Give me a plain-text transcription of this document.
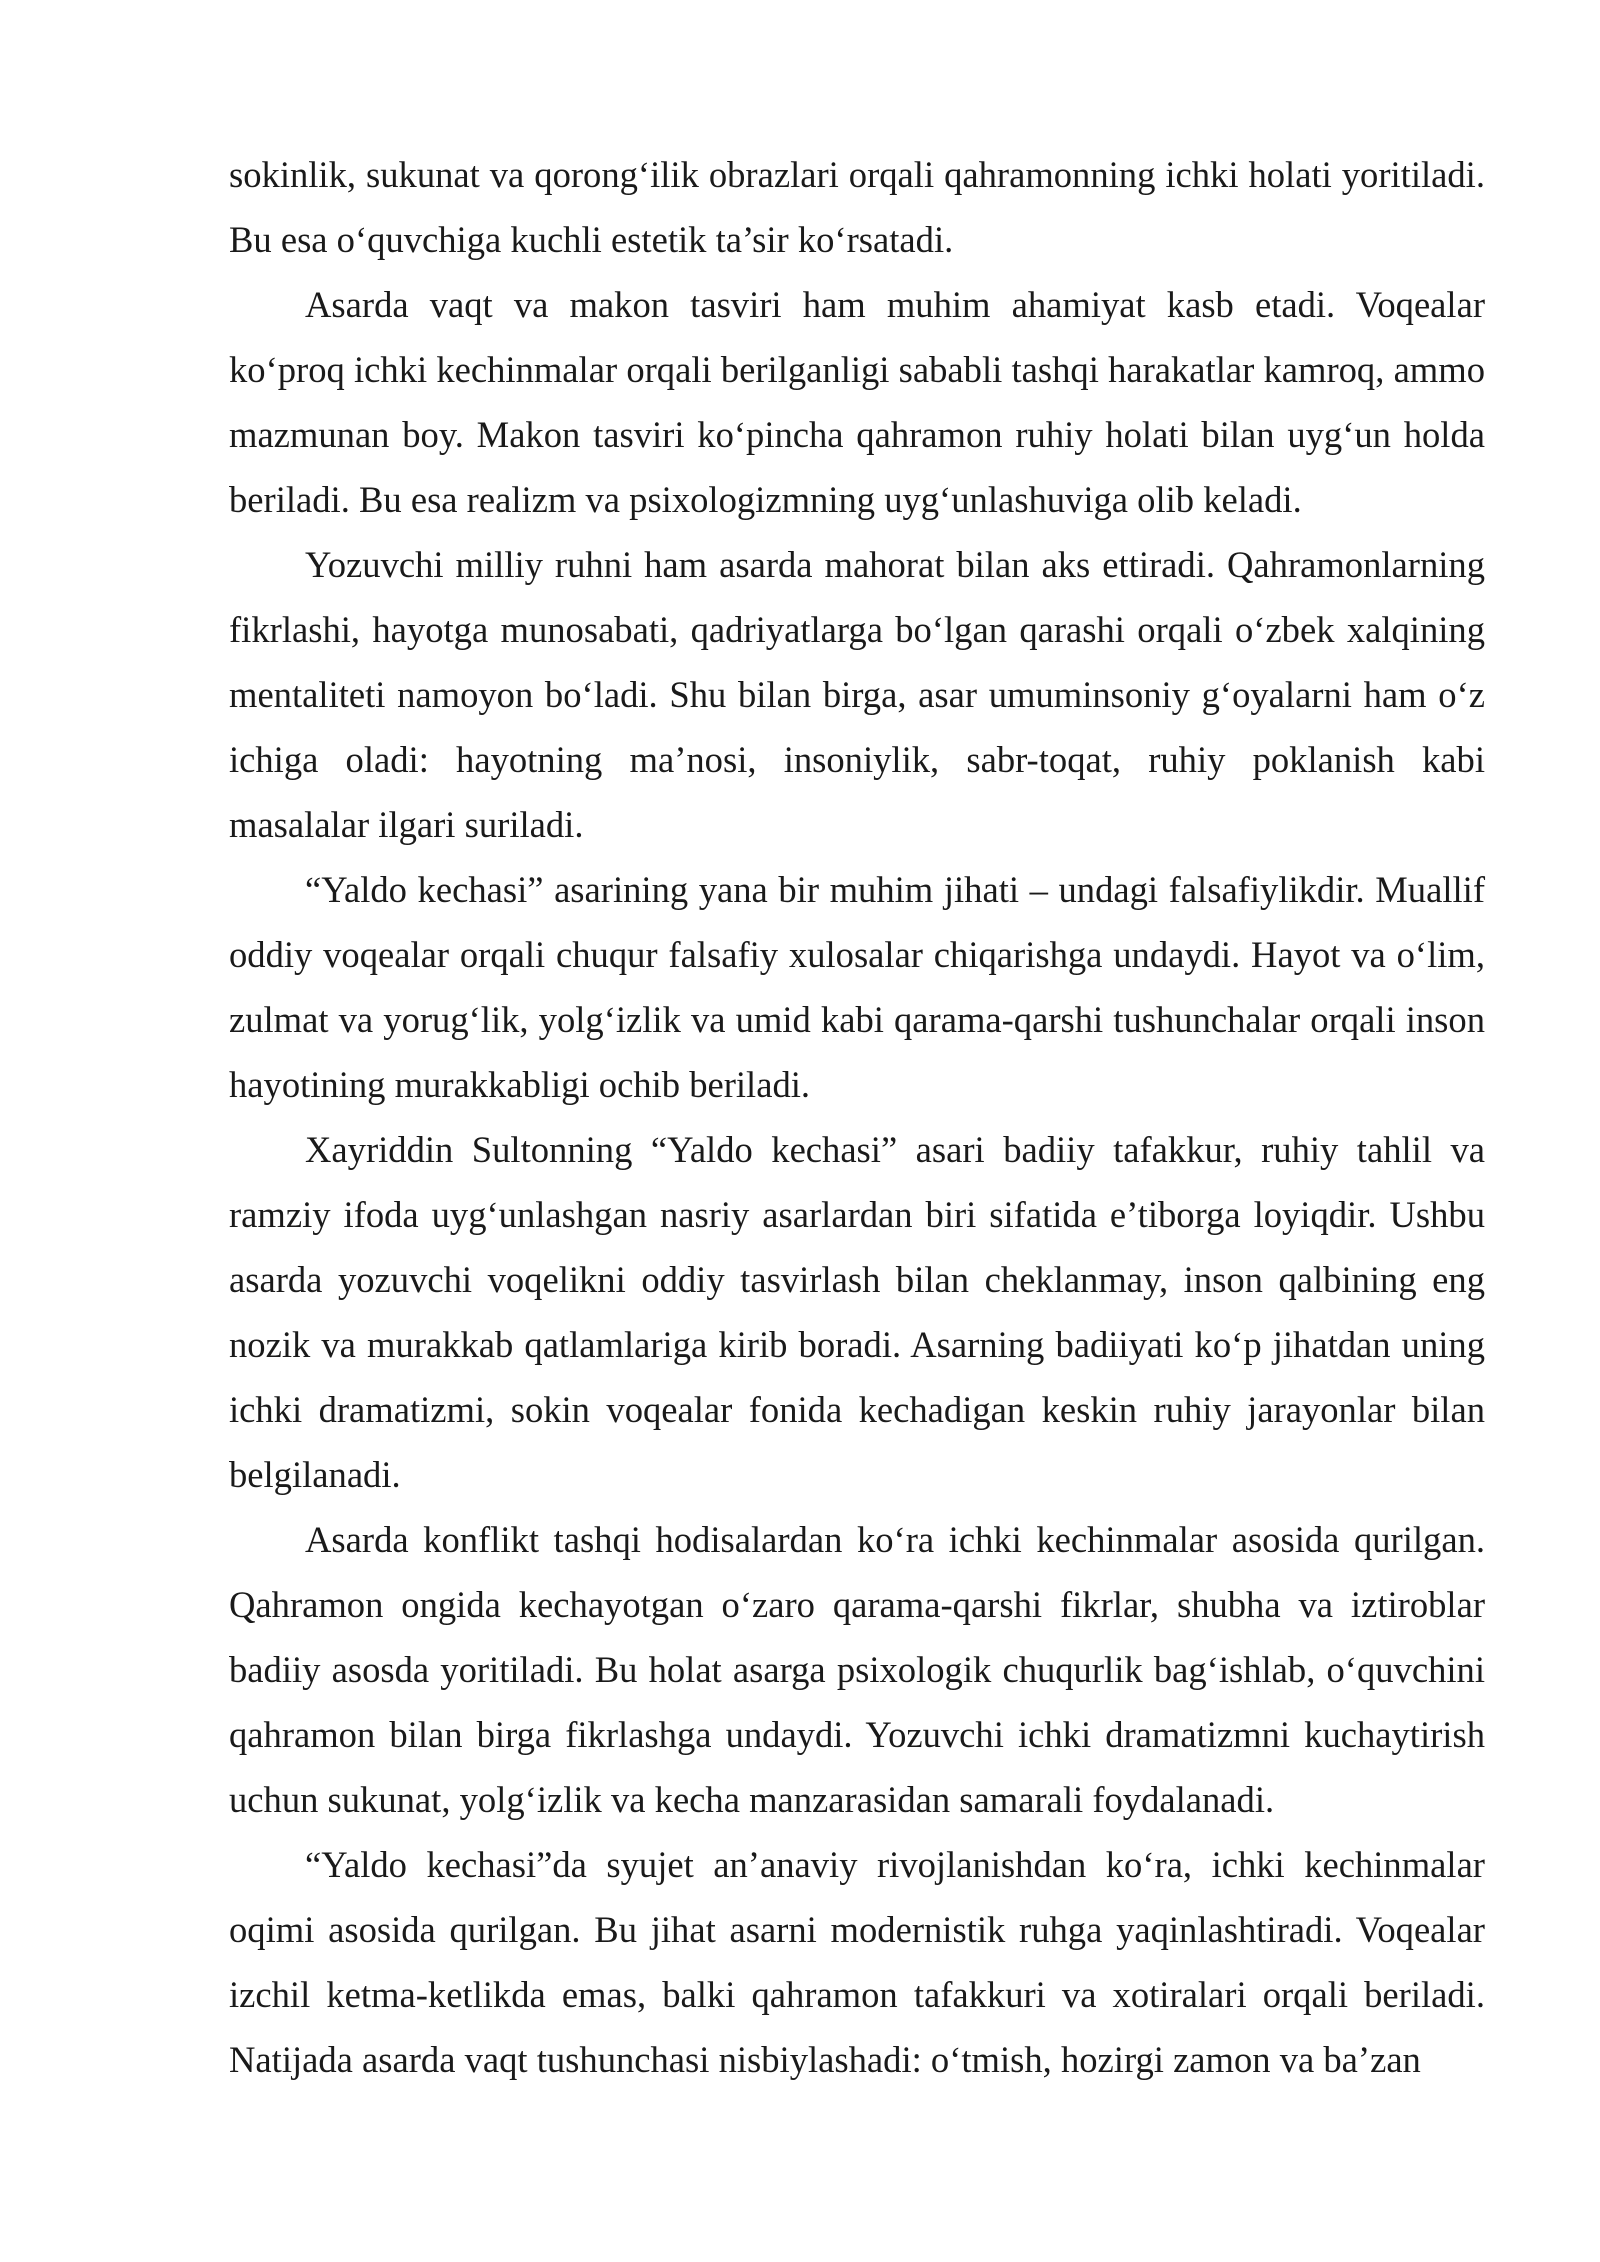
sokinlik, sukunat va qorong‘ilik obrazlari orqali qahramonning ichki holati yoritiladi. Bu esa o‘quvchiga kuchli estetik ta’sir ko‘rsatadi.

Asarda vaqt va makon tasviri ham muhim ahamiyat kasb etadi. Voqealar ko‘proq ichki kechinmalar orqali berilganligi sababli tashqi harakatlar kamroq, ammo mazmunan boy. Makon tasviri ko‘pincha qahramon ruhiy holati bilan uyg‘un holda beriladi. Bu esa realizm va psixologizmning uyg‘unlashuviga olib keladi.

Yozuvchi milliy ruhni ham asarda mahorat bilan aks ettiradi. Qahramonlarning fikrlashi, hayotga munosabati, qadriyatlarga bo‘lgan qarashi orqali o‘zbek xalqining mentaliteti namoyon bo‘ladi. Shu bilan birga, asar umuminsoniy g‘oyalarni ham o‘z ichiga oladi: hayotning ma’nosi, insoniylik, sabr-toqat, ruhiy poklanish kabi masalalar ilgari suriladi.

“Yaldo kechasi” asarining yana bir muhim jihati – undagi falsafiylikdir. Muallif oddiy voqealar orqali chuqur falsafiy xulosalar chiqarishga undaydi. Hayot va o‘lim, zulmat va yorug‘lik, yolg‘izlik va umid kabi qarama-qarshi tushunchalar orqali inson hayotining murakkabligi ochib beriladi.

Xayriddin Sultonning “Yaldo kechasi” asari badiiy tafakkur, ruhiy tahlil va ramziy ifoda uyg‘unlashgan nasriy asarlardan biri sifatida e’tiborga loyiqdir. Ushbu asarda yozuvchi voqelikni oddiy tasvirlash bilan cheklanmay, inson qalbining eng nozik va murakkab qatlamlariga kirib boradi. Asarning badiiyati ko‘p jihatdan uning ichki dramatizmi, sokin voqealar fonida kechadigan keskin ruhiy jarayonlar bilan belgilanadi.

Asarda konflikt tashqi hodisalardan ko‘ra ichki kechinmalar asosida qurilgan. Qahramon ongida kechayotgan o‘zaro qarama-qarshi fikrlar, shubha va iztiroblar badiiy asosda yoritiladi. Bu holat asarga psixologik chuqurlik bag‘ishlab, o‘quvchini qahramon bilan birga fikrlashga undaydi. Yozuvchi ichki dramatizmni kuchaytirish uchun sukunat, yolg‘izlik va kecha manzarasidan samarali foydalanadi.

“Yaldo kechasi”da syujet an’anaviy rivojlanishdan ko‘ra, ichki kechinmalar oqimi asosida qurilgan. Bu jihat asarni modernistik ruhga yaqinlashtiradi. Voqealar izchil ketma-ketlikda emas, balki qahramon tafakkuri va xotiralari orqali beriladi. Natijada asarda vaqt tushunchasi nisbiylashadi: o‘tmish, hozirgi zamon va ba’zan
